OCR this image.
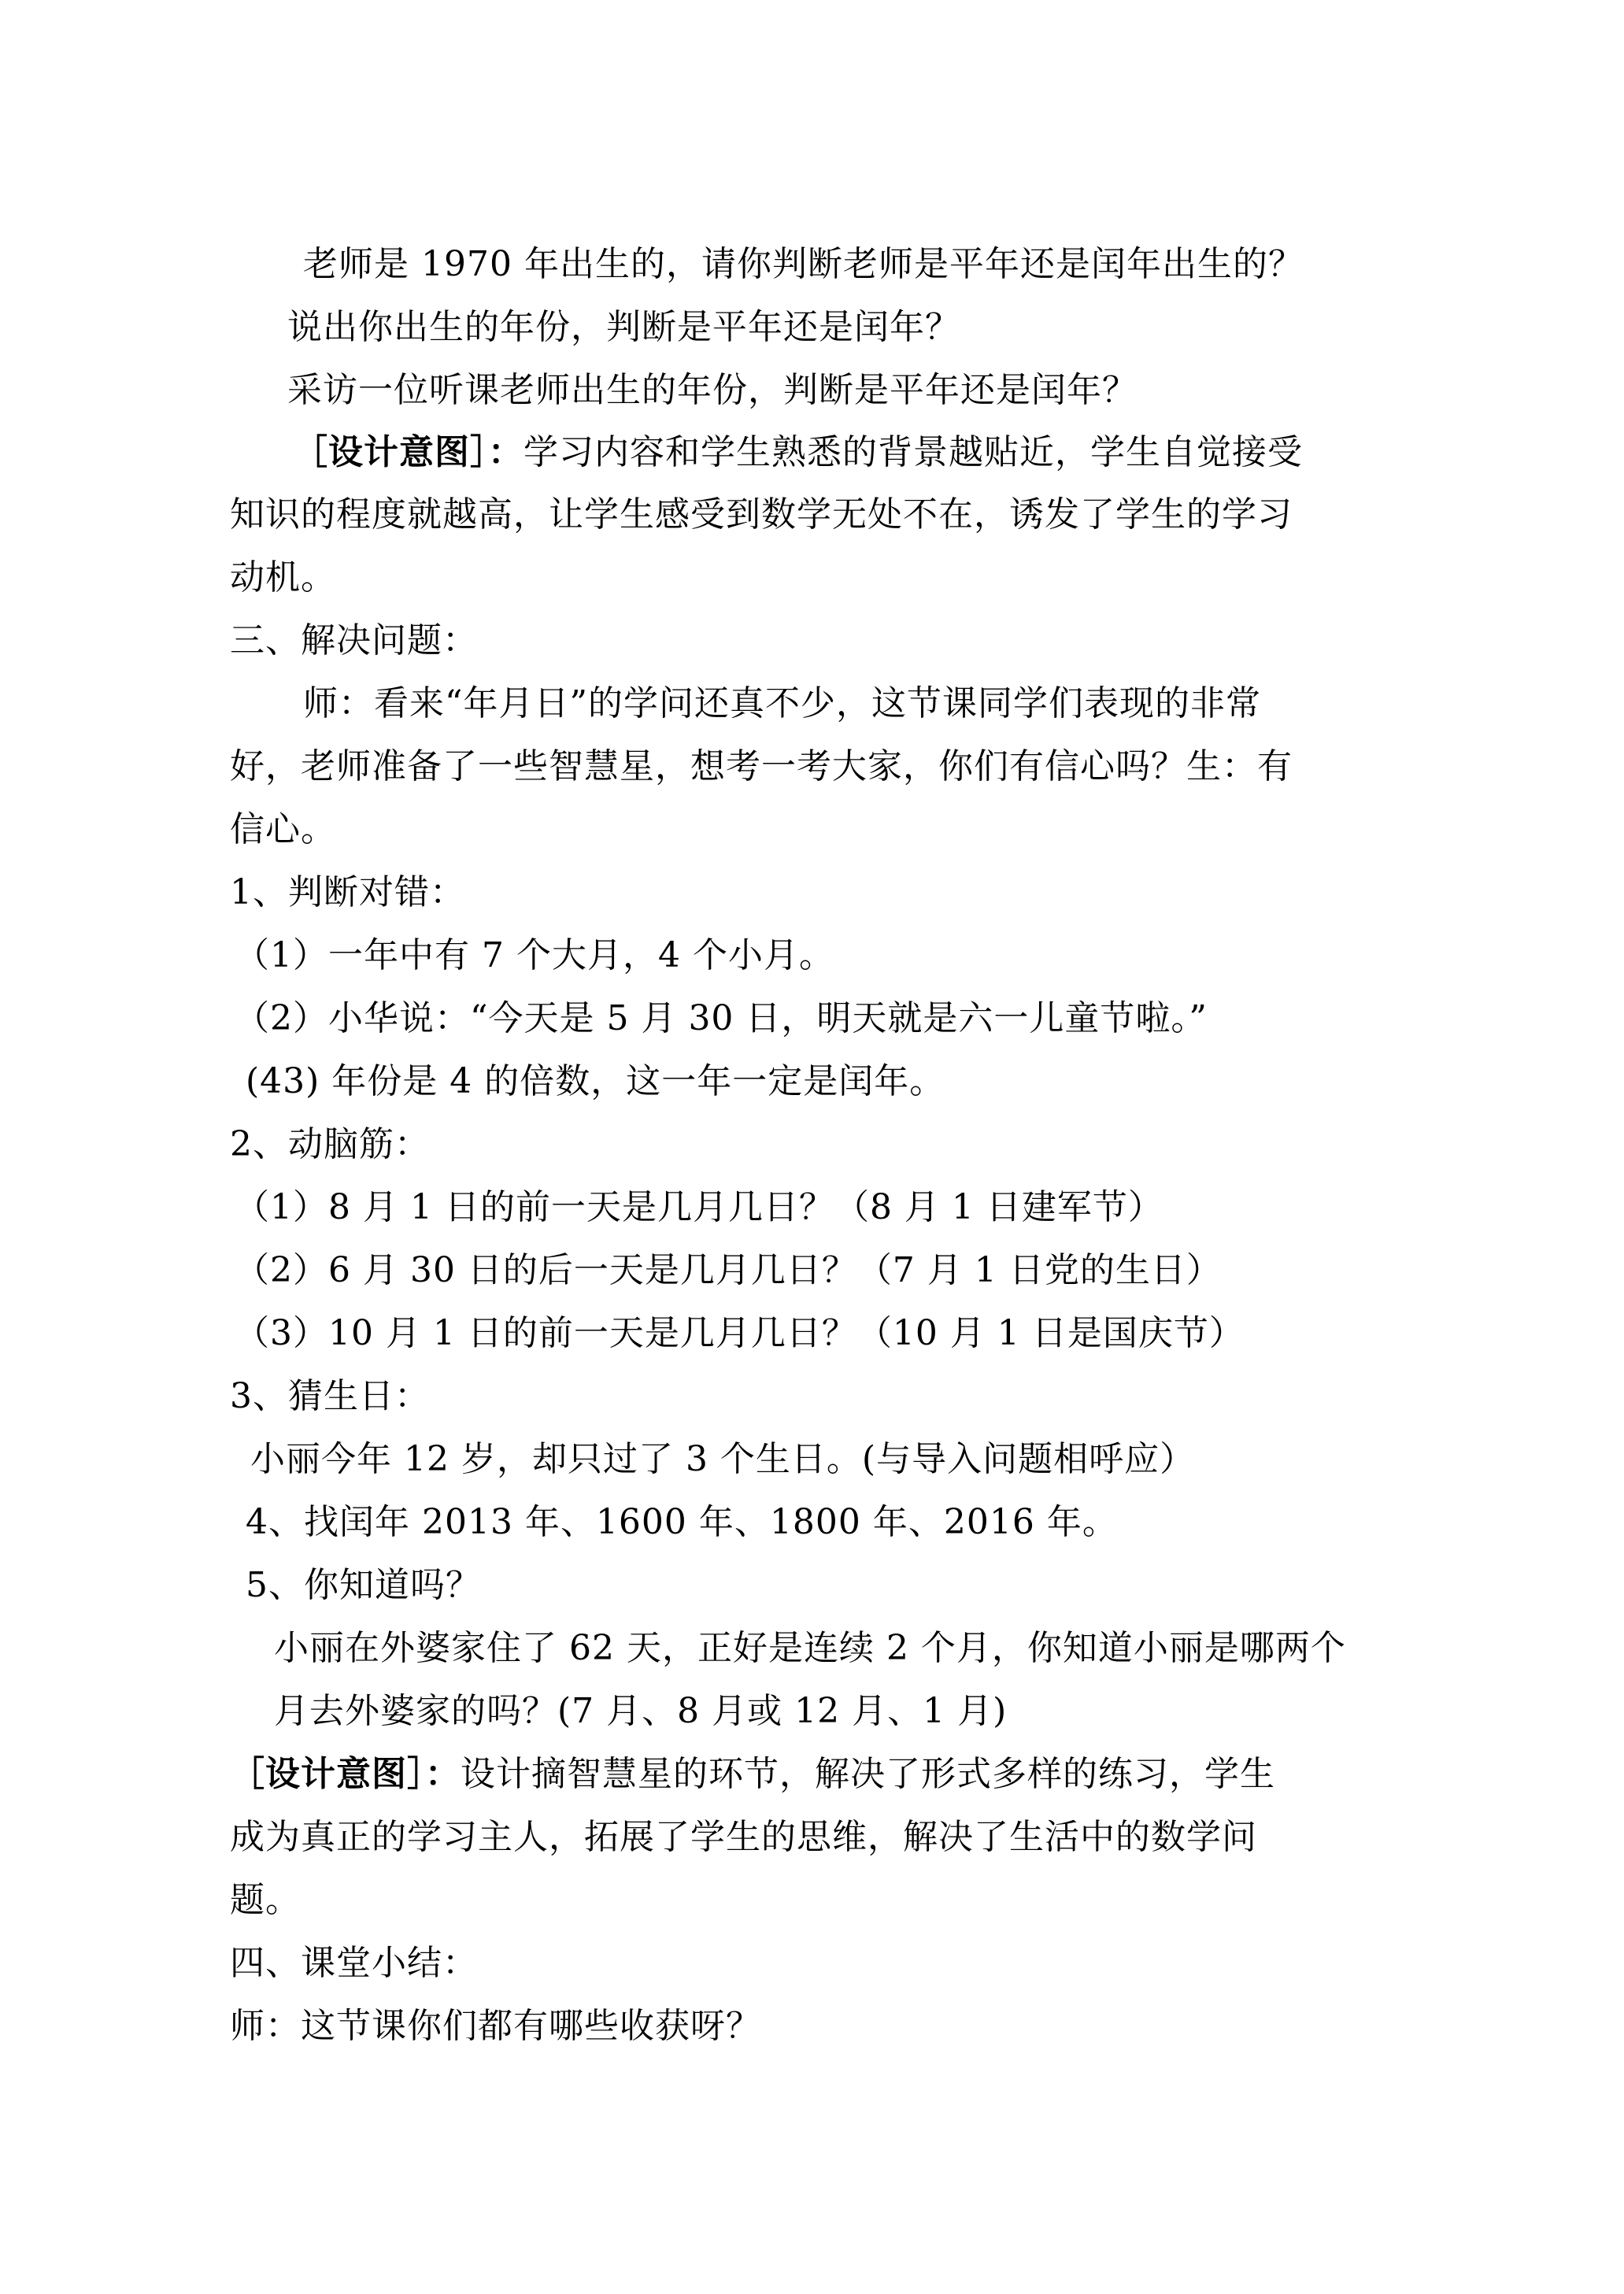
老师是 1970 年出生的，请你判断老师是平年还是闰年出生的？
说出你出生的年份，判断是平年还是闰年？
采访一位听课老师出生的年份，判断是平年还是闰年？
［设计意图］：学习内容和学生熟悉的背景越贴近，学生自觉接受
知识的程度就越高，让学生感受到数学无处不在，诱发了学生的学习
动机。
三、解决问题：
师：看来“年月日”的学问还真不少，这节课同学们表现的非常
好，老师准备了一些智慧星，想考一考大家，你们有信心吗？生：有
信心。
1、判断对错：
（1）一年中有 7 个大月，4 个小月。
（2）小华说：“今天是 5 月 30 日，明天就是六一儿童节啦。”
(43) 年份是 4 的倍数，这一年一定是闰年。
2、动脑筋：
（1）8 月 1 日的前一天是几月几日？（8 月 1 日建军节）
（2）6 月 30 日的后一天是几月几日？（7 月 1 日党的生日）
（3）10 月 1 日的前一天是几月几日？（10 月 1 日是国庆节）
3、猜生日：
小丽今年 12 岁，却只过了 3 个生日。(与导入问题相呼应）
4、找闰年 2013 年、1600 年、1800 年、2016 年。
5、你知道吗？
小丽在外婆家住了 62 天，正好是连续 2 个月，你知道小丽是哪两个
月去外婆家的吗？(7 月、8 月或 12 月、1 月)
［设计意图］：设计摘智慧星的环节，解决了形式多样的练习，学生
成为真正的学习主人，拓展了学生的思维，解决了生活中的数学问
题。
四、课堂小结：
师：这节课你们都有哪些收获呀？
